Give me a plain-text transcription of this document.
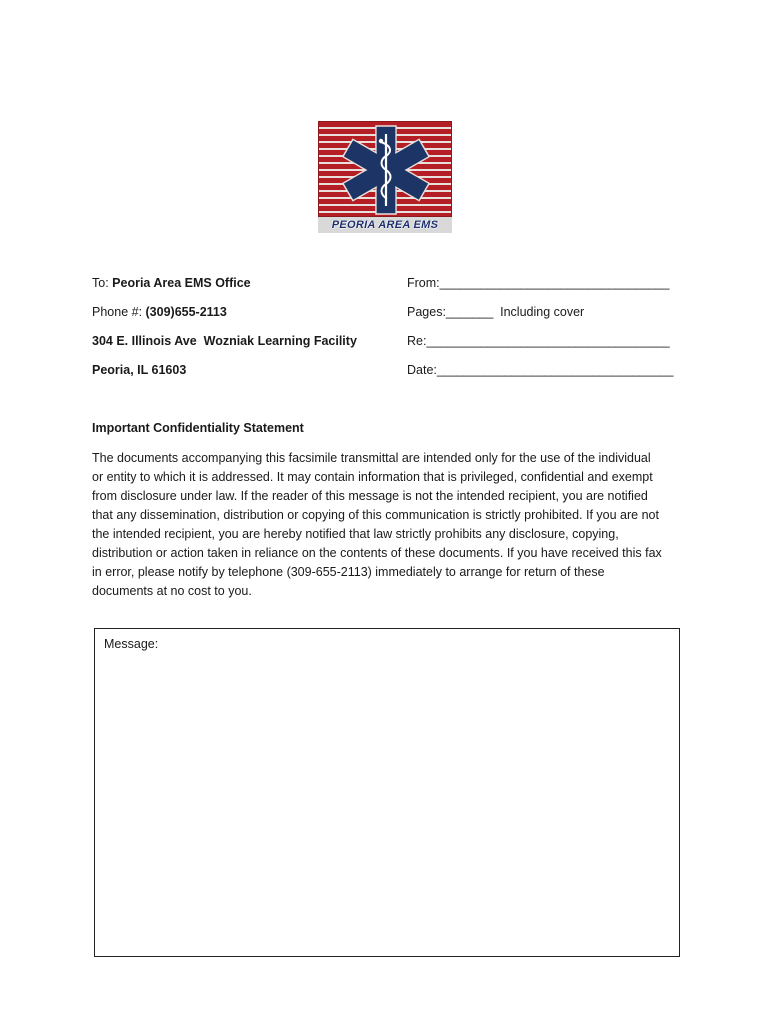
PEORIA AREA EMS
To: Peoria Area EMS Office
Phone #: (309)655-2113
304 E. Illinois Ave  Wozniak Learning Facility
Peoria, IL 61603
From:__________________________________
Pages:_______  Including cover
Re:____________________________________
Date:___________________________________
Important Confidentiality Statement
The documents accompanying this facsimile transmittal are intended only for the use of the individual
or entity to which it is addressed. It may contain information that is privileged, confidential and exempt
from disclosure under law. If the reader of this message is not the intended recipient, you are notified
that any dissemination, distribution or copying of this communication is strictly prohibited. If you are not
the intended recipient, you are hereby notified that law strictly prohibits any disclosure, copying,
distribution or action taken in reliance on the contents of these documents. If you have received this fax
in error, please notify by telephone (309-655-2113) immediately to arrange for return of these
documents at no cost to you.
Message:
